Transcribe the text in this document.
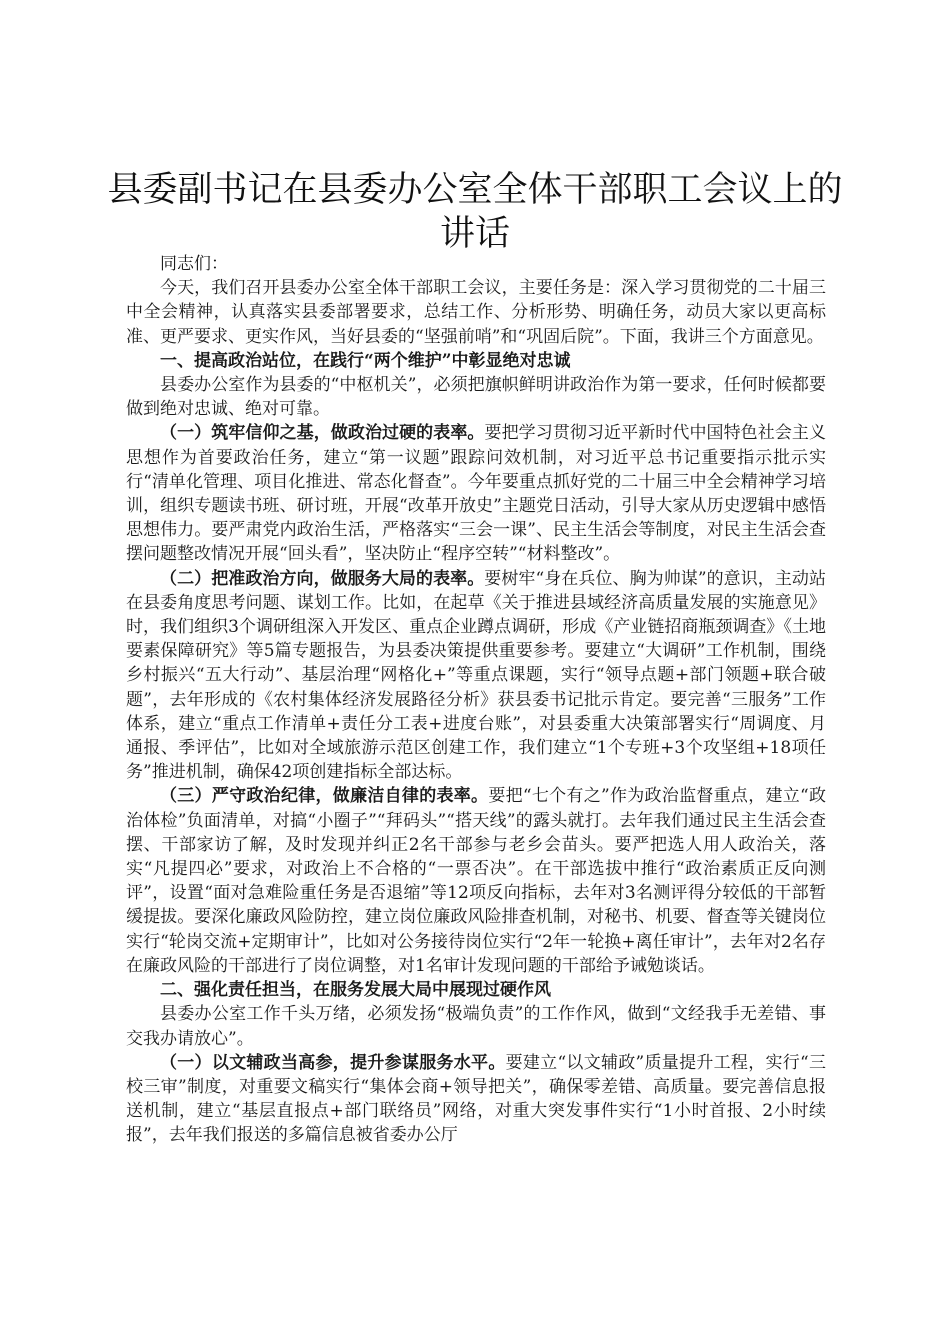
县委副书记在县委办公室全体干部职工会议上的讲话

同志们：

今天，我们召开县委办公室全体干部职工会议，主要任务是：深入学习贯彻党的二十届三中全会精神，认真落实县委部署要求，总结工作、分析形势、明确任务，动员大家以更高标准、更严要求、更实作风，当好县委的“坚强前哨”和“巩固后院”。下面，我讲三个方面意见。

一、提高政治站位，在践行“两个维护”中彰显绝对忠诚

县委办公室作为县委的“中枢机关”，必须把旗帜鲜明讲政治作为第一要求，任何时候都要做到绝对忠诚、绝对可靠。

（一）筑牢信仰之基，做政治过硬的表率。要把学习贯彻习近平新时代中国特色社会主义思想作为首要政治任务，建立“第一议题”跟踪问效机制，对习近平总书记重要指示批示实行“清单化管理、项目化推进、常态化督查”。今年要重点抓好党的二十届三中全会精神学习培训，组织专题读书班、研讨班，开展“改革开放史”主题党日活动，引导大家从历史逻辑中感悟思想伟力。要严肃党内政治生活，严格落实“三会一课”、民主生活会等制度，对民主生活会查摆问题整改情况开展“回头看”，坚决防止“程序空转”“材料整改”。

（二）把准政治方向，做服务大局的表率。要树牢“身在兵位、胸为帅谋”的意识，主动站在县委角度思考问题、谋划工作。比如，在起草《关于推进县域经济高质量发展的实施意见》时，我们组织3个调研组深入开发区、重点企业蹲点调研，形成《产业链招商瓶颈调查》《土地要素保障研究》等5篇专题报告，为县委决策提供重要参考。要建立“大调研”工作机制，围绕乡村振兴“五大行动”、基层治理“网格化+”等重点课题，实行“领导点题+部门领题+联合破题”，去年形成的《农村集体经济发展路径分析》获县委书记批示肯定。要完善“三服务”工作体系，建立“重点工作清单+责任分工表+进度台账”，对县委重大决策部署实行“周调度、月通报、季评估”，比如对全域旅游示范区创建工作，我们建立“1个专班+3个攻坚组+18项任务”推进机制，确保42项创建指标全部达标。

（三）严守政治纪律，做廉洁自律的表率。要把“七个有之”作为政治监督重点，建立“政治体检”负面清单，对搞“小圈子”“拜码头”“搭天线”的露头就打。去年我们通过民主生活会查摆、干部家访了解，及时发现并纠正2名干部参与老乡会苗头。要严把选人用人政治关，落实“凡提四必”要求，对政治上不合格的“一票否决”。在干部选拔中推行“政治素质正反向测评”，设置“面对急难险重任务是否退缩”等12项反向指标，去年对3名测评得分较低的干部暂缓提拔。要深化廉政风险防控，建立岗位廉政风险排查机制，对秘书、机要、督查等关键岗位实行“轮岗交流+定期审计”，比如对公务接待岗位实行“2年一轮换+离任审计”，去年对2名存在廉政风险的干部进行了岗位调整，对1名审计发现问题的干部给予诫勉谈话。

二、强化责任担当，在服务发展大局中展现过硬作风

县委办公室工作千头万绪，必须发扬“极端负责”的工作作风，做到“文经我手无差错、事交我办请放心”。

（一）以文辅政当高参，提升参谋服务水平。要建立“以文辅政”质量提升工程，实行“三校三审”制度，对重要文稿实行“集体会商+领导把关”，确保零差错、高质量。要完善信息报送机制，建立“基层直报点+部门联络员”网络，对重大突发事件实行“1小时首报、2小时续报”，去年我们报送的多篇信息被省委办公厅
